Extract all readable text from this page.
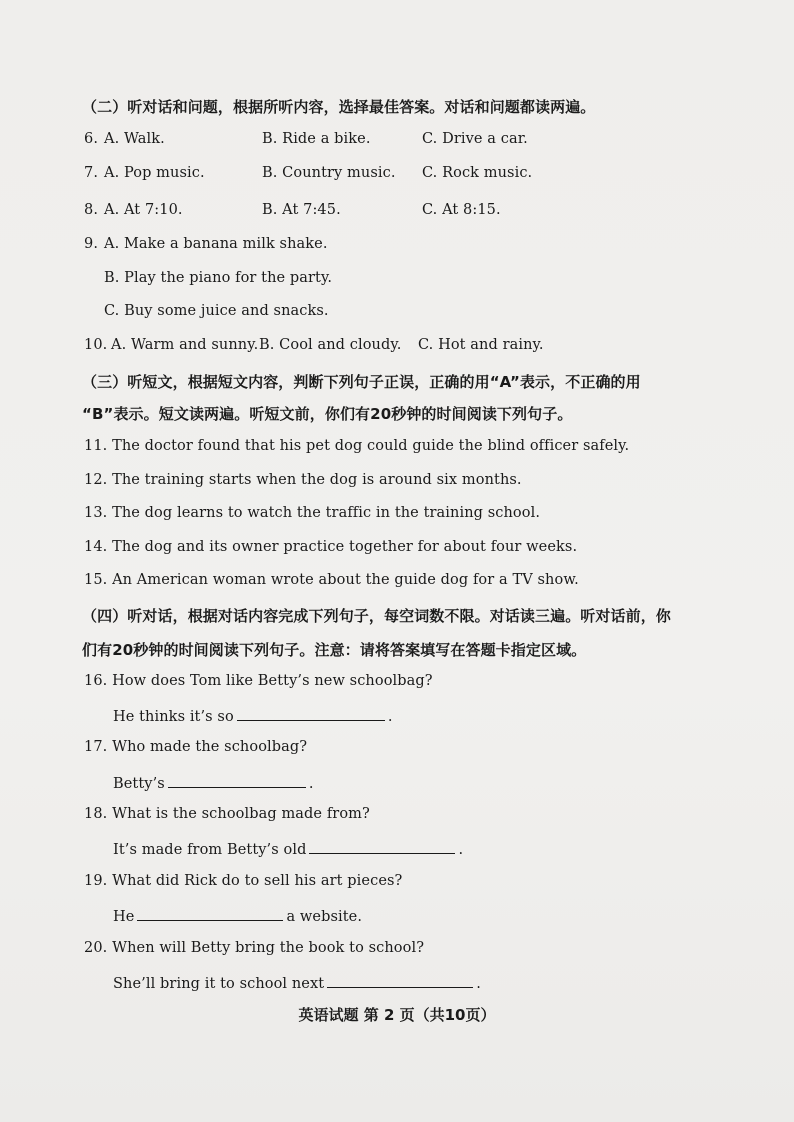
（二）听对话和问题，根据所听内容，选择最佳答案。对话和问题都读两遍。
6. A. Walk.	B. Ride a bike.	C. Drive a car.
7. A. Pop music.	B. Country music. C. Rock music.
8. A. At 7:10.	B. At 7:45.	C. At 8:15.
9. A. Make a banana milk shake.
B. Play the piano for the party.
C. Buy some juice and snacks.
10. A. Warm and sunny. B. Cool and cloudy. C. Hot and rainy.
（三）听短文，根据短文内容，判断下列句子正误，正确的用“A”表示，不正确的用
“B”表示。短文读两遍。听短文前，你们有20秒钟的时间阅读下列句子。
11. The doctor found that his pet dog could guide the blind officer safely.
12. The training starts when the dog is around six months.
13. The dog learns to watch the traffic in the training school.
14. The dog and its owner practice together for about four weeks.
15. An American woman wrote about the guide dog for a TV show.
（四）听对话，根据对话内容完成下列句子，每空词数不限。对话读三遍。听对话前，你
们有20秒钟的时间阅读下列句子。注意：请将答案填写在答题卡指定区域。
16. How does Tom like Betty’s new schoolbag?
He thinks it’s so	.
17. Who made the schoolbag?
Betty’s	.
18. What is the schoolbag made from?
It’s made from Betty’s old	.
19. What did Rick do to sell his art pieces?
He	a website.
20. When will Betty bring the book to school?
She’ll bring it to school next	.
英语试题 第 2 页（共10页）
